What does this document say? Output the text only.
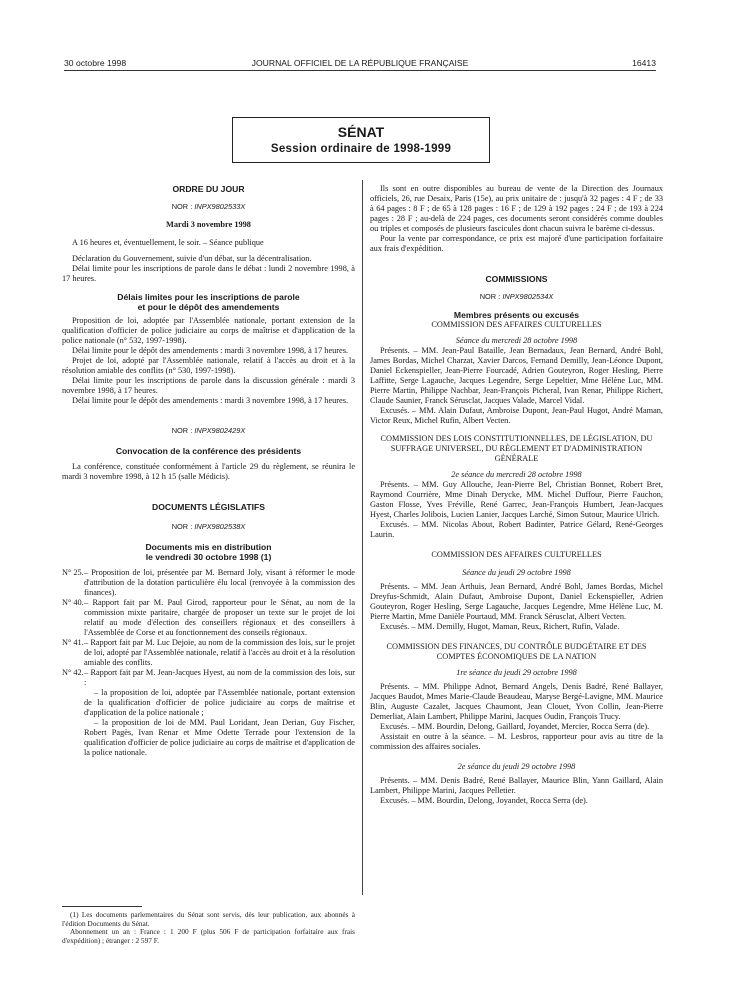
30 octobre 1998	JOURNAL OFFICIEL DE LA RÉPUBLIQUE FRANÇAISE	16413
SÉNAT
Session ordinaire de 1998-1999
ORDRE DU JOUR
NOR : INPX9802533X
Mardi 3 novembre 1998

A 16 heures et, éventuellement, le soir. – Séance publique

Déclaration du Gouvernement, suivie d'un débat, sur la décentralisation.

Délai limite pour les inscriptions de parole dans le débat : lundi 2 novembre 1998, à 17 heures.

Délais limites pour les inscriptions de parole
et pour le dépôt des amendements

Proposition de loi, adoptée par l'Assemblée nationale, portant extension de la qualification d'officier de police judiciaire au corps de maîtrise et d'application de la police nationale (n° 532, 1997-1998).

Délai limite pour le dépôt des amendements : mardi 3 novembre 1998, à 17 heures.

Projet de loi, adopté par l'Assemblée nationale, relatif à l'accès au droit et à la résolution amiable des conflits (n° 530, 1997-1998).

Délai limite pour les inscriptions de parole dans la discussion générale : mardi 3 novembre 1998, à 17 heures.

Délai limite pour le dépôt des amendements : mardi 3 novembre 1998, à 17 heures.

NOR : INPX9802429X
Convocation de la conférence des présidents

La conférence, constituée conformément à l'article 29 du règlement, se réunira le mardi 3 novembre 1998, à 12 h 15 (salle Médicis).

DOCUMENTS LÉGISLATIFS
NOR : INPX9802538X
Documents mis en distribution
le vendredi 30 octobre 1998 (1)
N° 25. – Proposition de loi, présentée par M. Bernard Joly, visant à réformer le mode d'attribution de la dotation particulière élu local (renvoyée à la commission des finances).
N° 40. – Rapport fait par M. Paul Girod, rapporteur pour le Sénat, au nom de la commission mixte paritaire, chargée de proposer un texte sur le projet de loi relatif au mode d'élection des conseillers régionaux et des conseillers à l'Assemblée de Corse et au fonctionnement des conseils régionaux.
N° 41. – Rapport fait par M. Luc Dejoie, au nom de la commission des lois, sur le projet de loi, adopté par l'Assemblée nationale, relatif à l'accès au droit et à la résolution amiable des conflits.
N° 42. – Rapport fait par M. Jean-Jacques Hyest, au nom de la commission des lois, sur :

– la proposition de loi, adoptée par l'Assemblée nationale, portant extension de la qualification d'officier de police judiciaire au corps de maîtrise et d'application de la police nationale ;

– la proposition de loi de MM. Paul Loridant, Jean Derian, Guy Fischer, Robert Pagès, Ivan Renar et Mme Odette Terrade pour l'extension de la qualification d'officier de police judiciaire au corps de maîtrise et d'application de la police nationale.

(1) Les documents parlementaires du Sénat sont servis, dès leur publication, aux abonnés à l'édition Documents du Sénat.

Abonnement un an : France : 1 200 F (plus 506 F de participation forfaitaire aux frais d'expédition) ; étranger : 2 597 F.

Ils sont en outre disponibles au bureau de vente de la Direction des Journaux officiels, 26, rue Desaix, Paris (15e), au prix unitaire de : jusqu'à 32 pages : 4 F ; de 33 à 64 pages : 8 F ; de 65 à 128 pages : 16 F ; de 129 à 192 pages : 24 F ; de 193 à 224 pages : 28 F ; au-delà de 224 pages, ces documents seront considérés comme doubles ou triples et composés de plusieurs fascicules dont chacun suivra le barème ci-dessus.

Pour la vente par correspondance, ce prix est majoré d'une participation forfaitaire aux frais d'expédition.

COMMISSIONS
NOR : INPX9802534X
Membres présents ou excusés
COMMISSION DES AFFAIRES CULTURELLES
Séance du mercredi 28 octobre 1998

Présents. – MM. Jean-Paul Bataille, Jean Bernadaux, Jean Bernard, André Bohl, James Bordas, Michel Charzat, Xavier Darcos, Fernand Demilly, Jean-Léonce Dupont, Daniel Eckenspieller, Jean-Pierre Fourcadé, Adrien Gouteyron, Roger Hesling, Pierre Laffitte, Serge Lagauche, Jacques Legendre, Serge Lepeltier, Mme Hélène Luc, MM. Pierre Martin, Philippe Nachbar, Jean-François Picheral, Ivan Renar, Philippe Richert, Claude Saunier, Franck Sérusclat, Jacques Valade, Marcel Vidal.

Excusés. – MM. Alain Dufaut, Ambroise Dupont, Jean-Paul Hugot, André Maman, Victor Reux, Michel Rufin, Albert Vecten.

COMMISSION DES LOIS CONSTITUTIONNELLES, DE LÉGISLATION, DU SUFFRAGE UNIVERSEL, DU RÈGLEMENT ET D'ADMINISTRATION GÉNÉRALE
2e séance du mercredi 28 octobre 1998

Présents. – MM. Guy Allouche, Jean-Pierre Bel, Christian Bonnet, Robert Bret, Raymond Courrière, Mme Dinah Derycke, MM. Michel Duffour, Pierre Fauchon, Gaston Flosse, Yves Fréville, René Garrec, Jean-François Humbert, Jean-Jacques Hyest, Charles Jolibois, Lucien Lanier, Jacques Larché, Simon Sutour, Maurice Ulrich.

Excusés. – MM. Nicolas About, Robert Badinter, Patrice Gélard, René-Georges Laurin.

COMMISSION DES AFFAIRES CULTURELLES
Séance du jeudi 29 octobre 1998

Présents. – MM. Jean Arthuis, Jean Bernard, André Bohl, James Bordas, Michel Dreyfus-Schmidt, Alain Dufaut, Ambroise Dupont, Daniel Eckenspieller, Adrien Gouteyron, Roger Hesling, Serge Lagauche, Jacques Legendre, Mme Hélène Luc, M. Pierre Martin, Mme Danièle Pourtaud, MM. Franck Sérusclat, Albert Vecten.

Excusés. – MM. Demilly, Hugot, Maman, Reux, Richert, Rufin, Valade.

COMMISSION DES FINANCES, DU CONTRÔLE BUDGÉTAIRE ET DES COMPTES ÉCONOMIQUES DE LA NATION
1re séance du jeudi 29 octobre 1998

Présents. – MM. Philippe Adnot, Bernard Angels, Denis Badré, René Ballayer, Jacques Baudot, Mmes Marie-Claude Beaudeau, Maryse Bergé-Lavigne, MM. Maurice Blin, Auguste Cazalet, Jacques Chaumont, Jean Clouet, Yvon Collin, Jean-Pierre Demerliat, Alain Lambert, Philippe Marini, Jacques Oudin, François Trucy.

Excusés. – MM. Bourdin, Delong, Gaillard, Joyandet, Mercier, Rocca Serra (de).

Assistait en outre à la séance. – M. Lesbros, rapporteur pour avis au titre de la commission des affaires sociales.

2e séance du jeudi 29 octobre 1998

Présents. – MM. Denis Badré, René Ballayer, Maurice Blin, Yann Gaillard, Alain Lambert, Philippe Marini, Jacques Pelletier.

Excusés. – MM. Bourdin, Delong, Joyandet, Rocca Serra (de).
